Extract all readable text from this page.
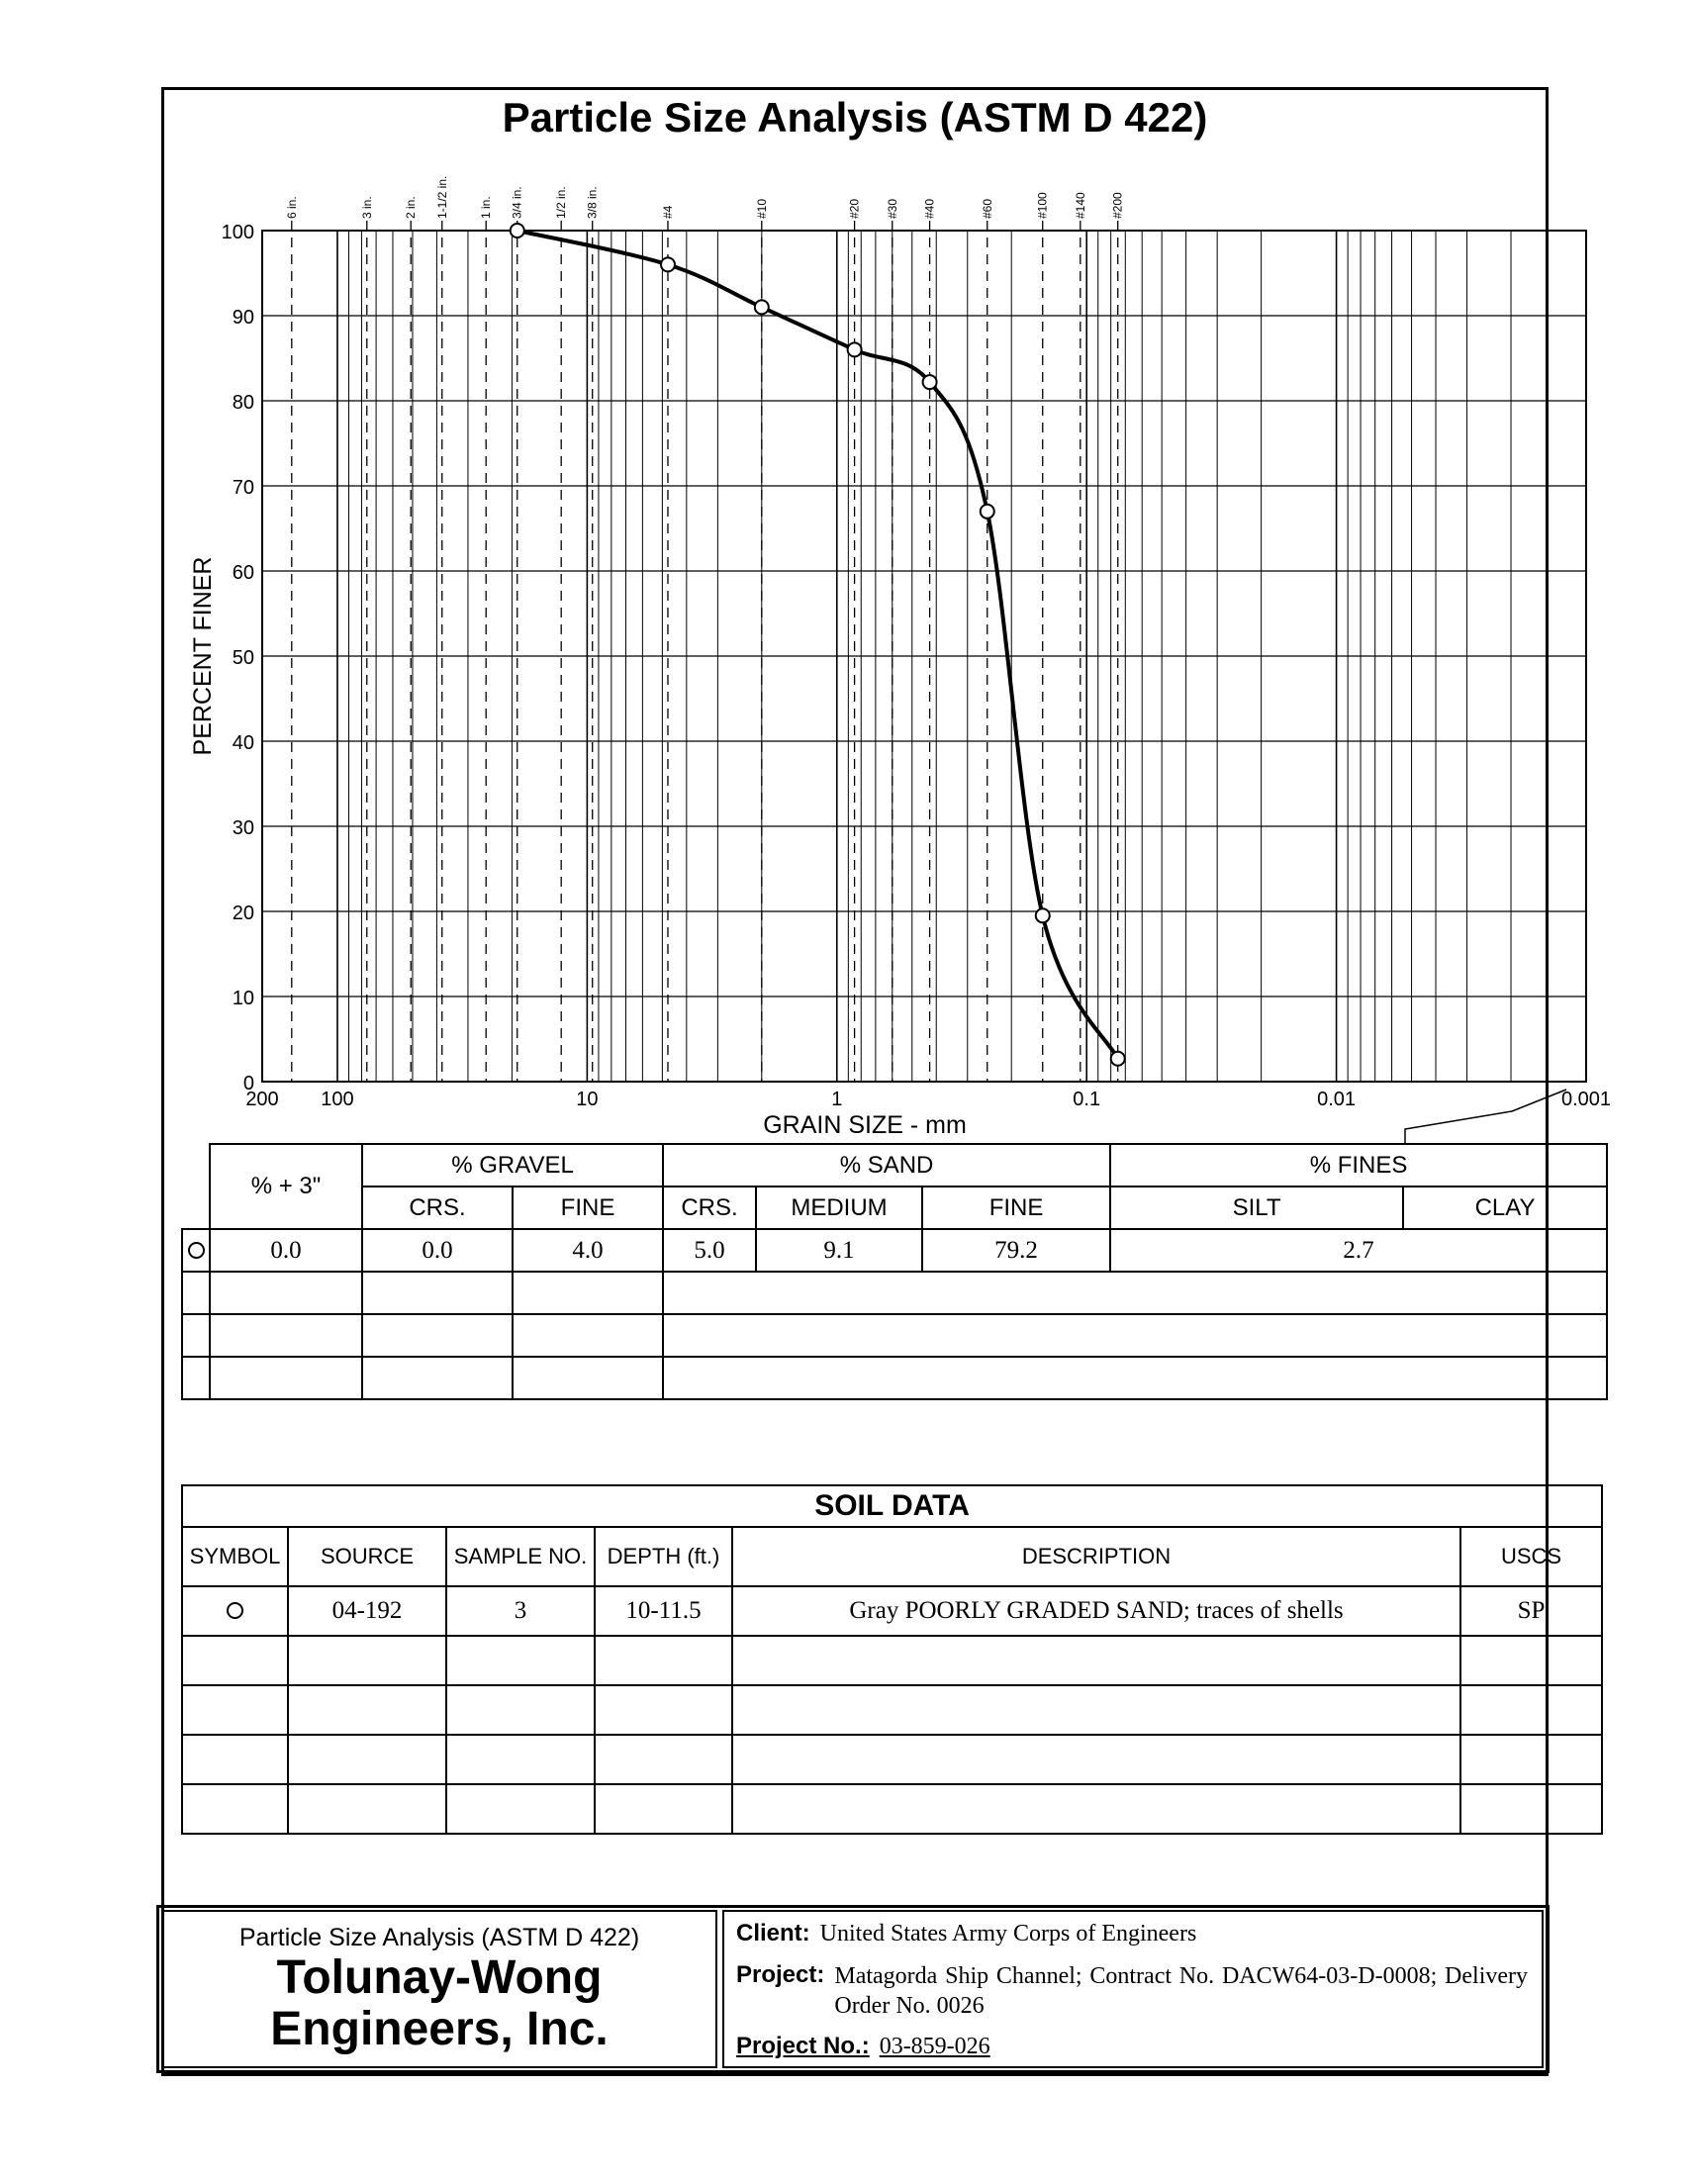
Particle Size Analysis (ASTM D 422)
0
10
20
30
40
50
60
70
80
90
100
6 in.	3 in.	2 in. 1-1/2 in.	1 in. 3/4 in.	1/2 in. 3/8 in.	#4	#10	#20 #30 #40	#60	#100 #140 #200
200 100	10	1	0.1	0.01	0.001
GRAIN SIZE - mm
PERCENT FINER
	% + 3"	% GRAVEL		% SAND			% FINES	
		CRS.	FINE	CRS.	MEDIUM	FINE	SILT	CLAY
	0.0	0.0	4.0	5.0	9.1	79.2	2.7	

SOIL DATA					
SYMBOL	SOURCE	SAMPLE NO.	DEPTH (ft.)	DESCRIPTION	USCS
	04-192	3	10-11.5	Gray POORLY GRADED SAND; traces of shells	SP

Particle Size Analysis (ASTM D 422)
Tolunay-Wong
Engineers, Inc.
Client: United States Army Corps of Engineers
Project: Matagorda Ship Channel; Contract No. DACW64-03-D-0008; Delivery Order No. 0026
Project No.: 03-859-026
